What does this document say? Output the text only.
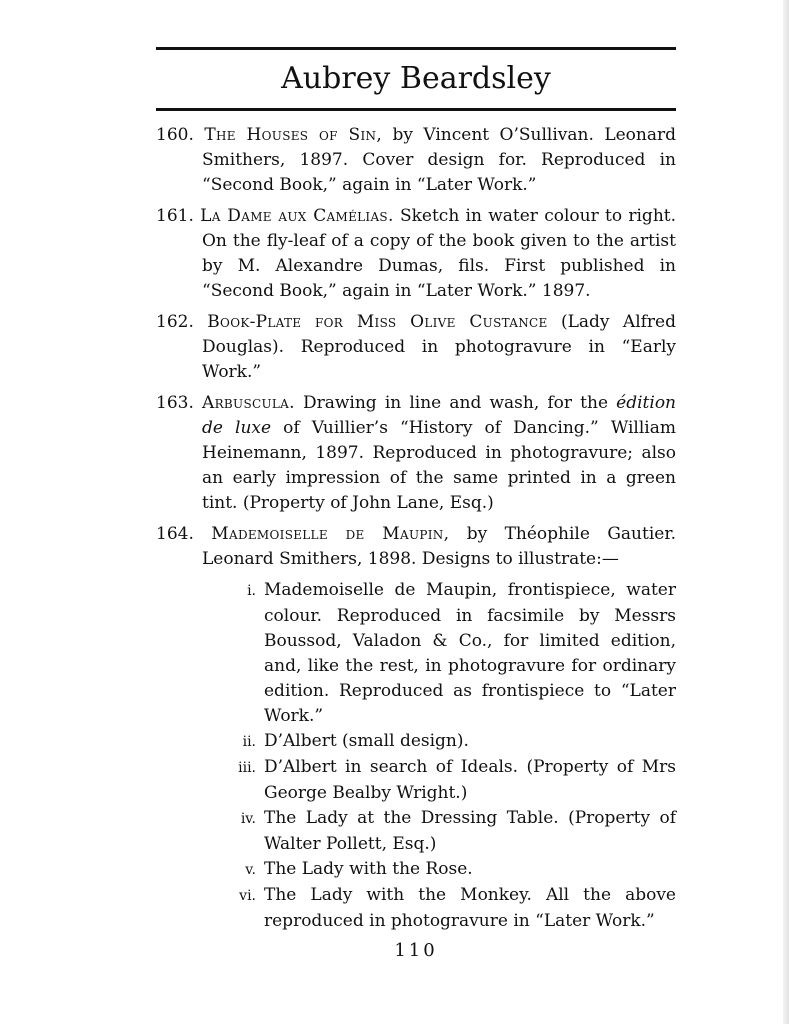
Aubrey Beardsley
160. The Houses of Sin, by Vincent O’Sullivan. Leonard Smithers, 1897. Cover design for. Reproduced in “Second Book,” again in “Later Work.”
161. La Dame aux Camélias. Sketch in water colour to right. On the fly-leaf of a copy of the book given to the artist by M. Alexandre Dumas, fils. First published in “Second Book,” again in “Later Work.” 1897.
162. Book-Plate for Miss Olive Custance (Lady Alfred Douglas). Reproduced in photogravure in “Early Work.”
163. Arbuscula. Drawing in line and wash, for the édition de luxe of Vuillier’s “History of Dancing.” William Heinemann, 1897. Reproduced in photogravure; also an early impression of the same printed in a green tint. (Property of John Lane, Esq.)
164. Mademoiselle de Maupin, by Théophile Gautier. Leonard Smithers, 1898. Designs to illustrate:—
i. Mademoiselle de Maupin, frontispiece, water colour. Reproduced in facsimile by Messrs Boussod, Valadon & Co., for limited edition, and, like the rest, in photogravure for ordinary edition. Reproduced as frontispiece to “Later Work.”
ii. D’Albert (small design).
iii. D’Albert in search of Ideals. (Property of Mrs George Bealby Wright.)
iv. The Lady at the Dressing Table. (Property of Walter Pollett, Esq.)
v. The Lady with the Rose.
vi. The Lady with the Monkey. All the above reproduced in photogravure in “Later Work.”
110
